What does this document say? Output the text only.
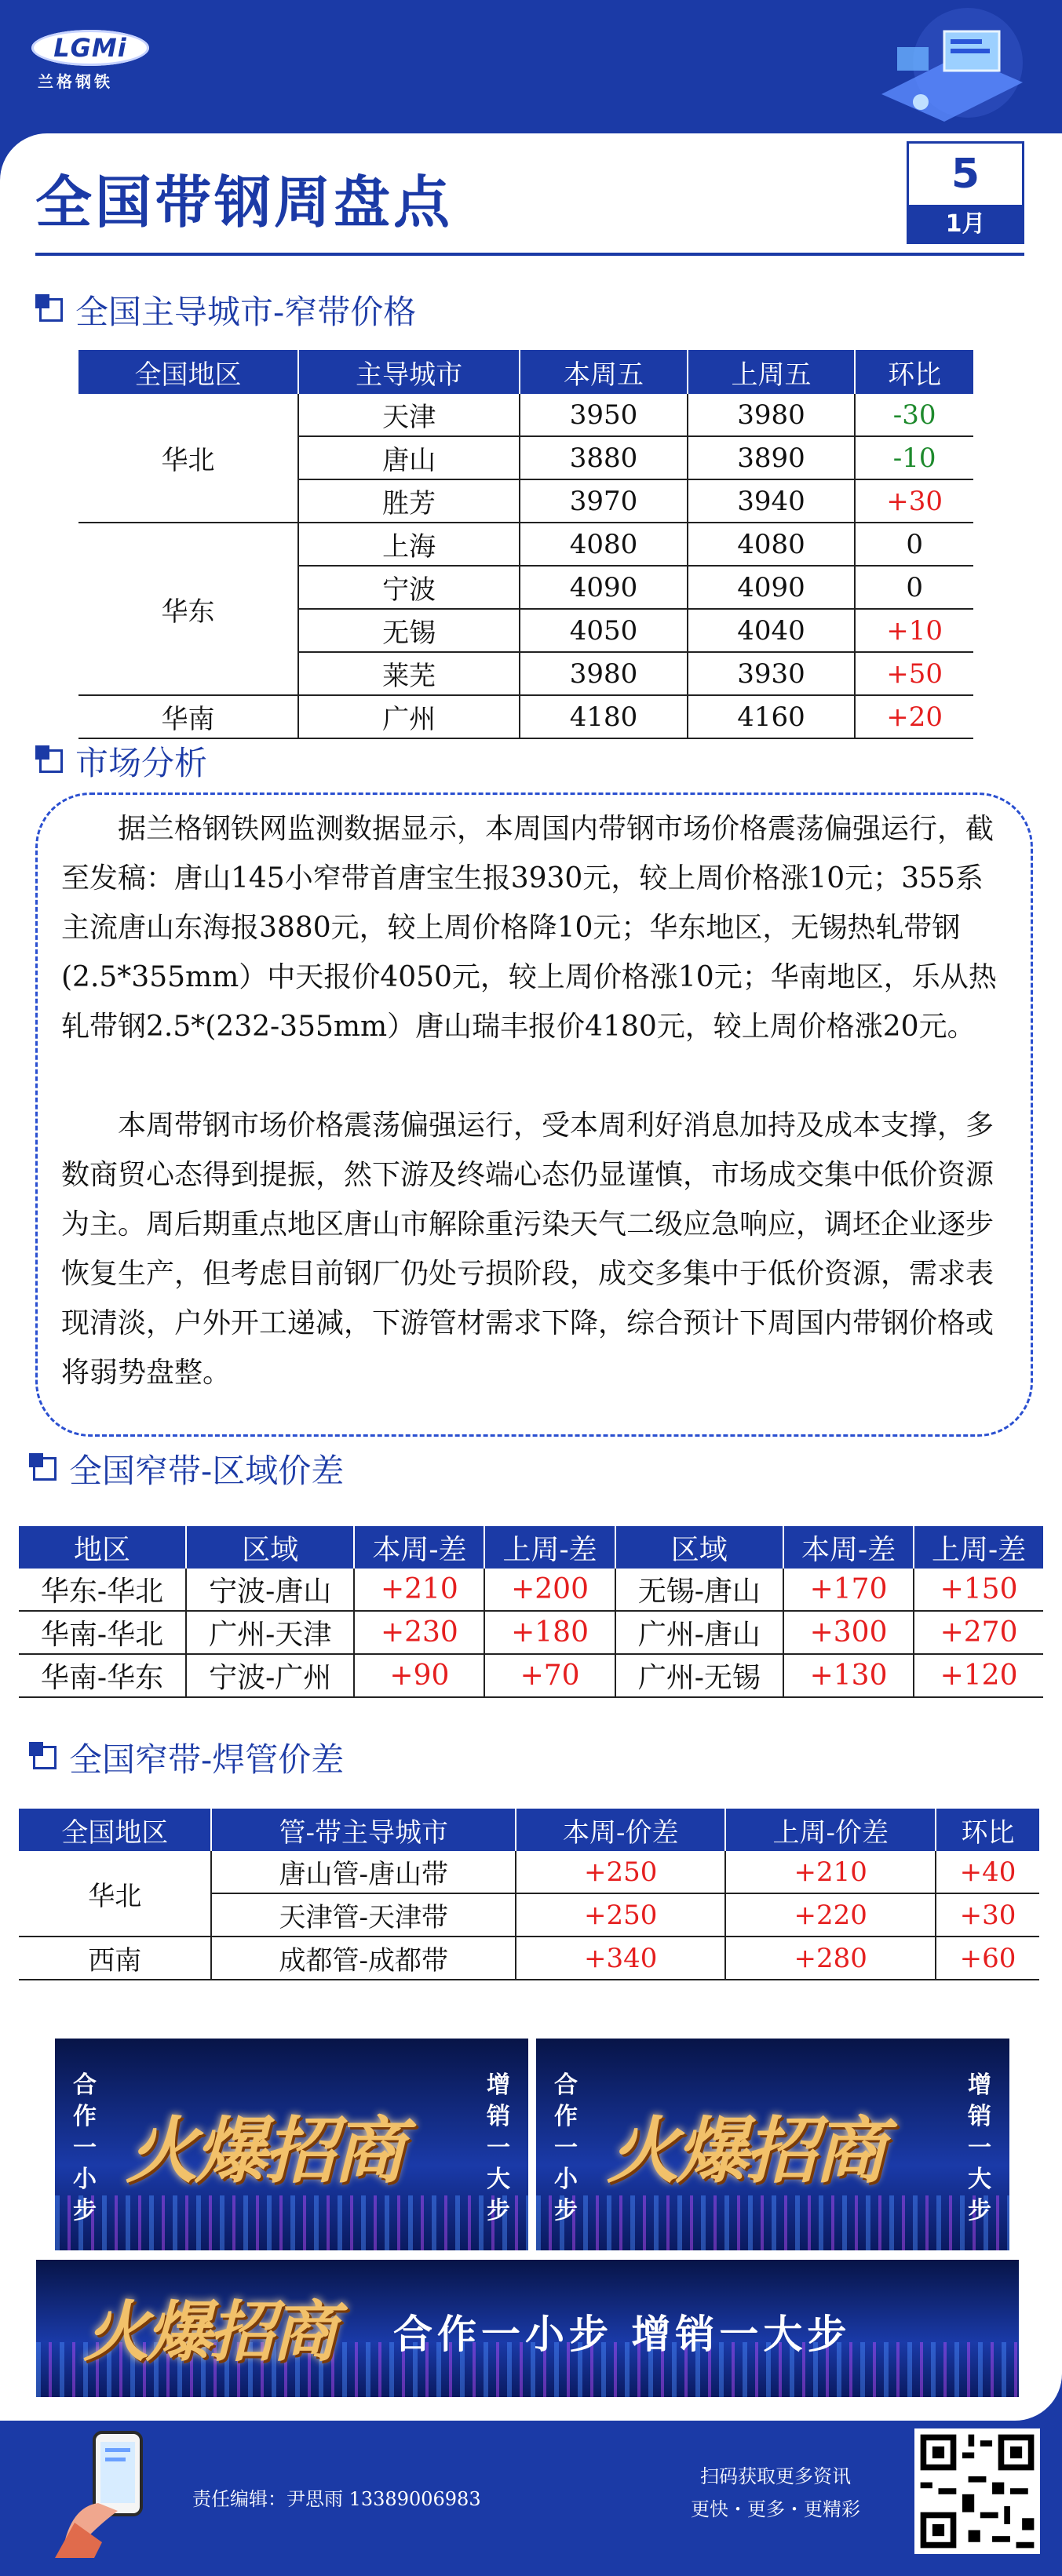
LGMi
兰格钢铁
全国带钢周盘点	5
1月
全国主导城市-窄带价格
全国地区	主导城市	本周五	上周五	环比
华北	天津	3950	3980	-30
	唐山	3880	3890	-10
	胜芳	3970	3940	+30
华东	上海	4080	4080	0
	宁波	4090	4090	0
	无锡	4050	4040	+10
	莱芜	3980	3930	+50
华南	广州	4180	4160	+20
市场分析

据兰格钢铁网监测数据显示，本周国内带钢市场价格震荡偏强运行，截至发稿：唐山145小窄带首唐宝生报3930元，较上周价格涨10元；355系主流唐山东海报3880元，较上周价格降10元；华东地区，无锡热轧带钢(2.5*355mm）中天报价4050元，较上周价格涨10元；华南地区，乐从热轧带钢2.5*(232-355mm）唐山瑞丰报价4180元，较上周价格涨20元。

本周带钢市场价格震荡偏强运行，受本周利好消息加持及成本支撑，多数商贸心态得到提振，然下游及终端心态仍显谨慎，市场成交集中低价资源为主。周后期重点地区唐山市解除重污染天气二级应急响应，调坯企业逐步恢复生产，但考虑目前钢厂仍处亏损阶段，成交多集中于低价资源，需求表现清淡，户外开工递减，下游管材需求下降，综合预计下周国内带钢价格或将弱势盘整。

全国窄带-区域价差
地区	区域	本周-差	上周-差	区域	本周-差	上周-差
华东-华北	宁波-唐山	+210	+200	无锡-唐山	+170	+150
华南-华北	广州-天津	+230	+180	广州-唐山	+300	+270
华南-华东	宁波-广州	+90	+70	广州-无锡	+130	+120
全国窄带-焊管价差
全国地区	管-带主导城市	本周-价差	上周-价差	环比
华北	唐山管-唐山带	+250	+210	+40
	天津管-天津带	+250	+220	+30
西南	成都管-成都带	+340	+280	+60
合作一小步
火爆招商
增销一大步
合作一小步
火爆招商
增销一大步
火爆招商 合作一小步 增销一大步
责任编辑：尹思雨 13389006983
扫码获取更多资讯
更快・更多・更精彩
